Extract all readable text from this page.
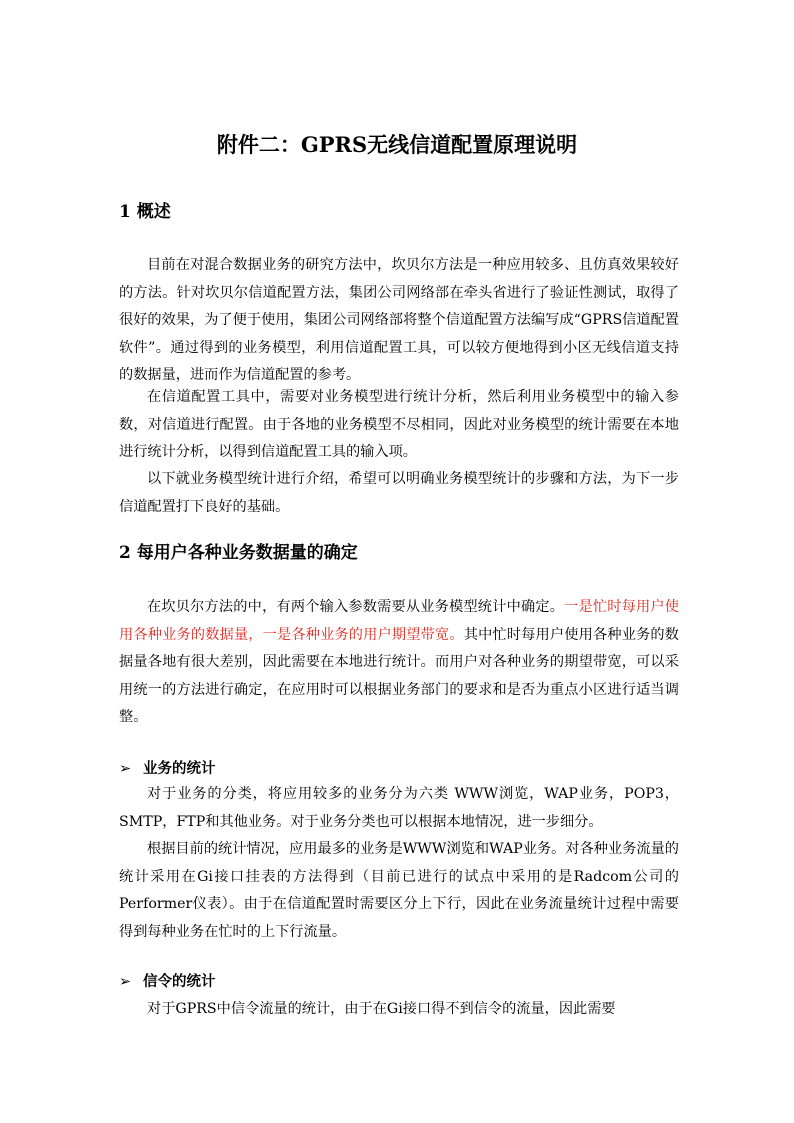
附件二：GPRS无线信道配置原理说明
1 概述

目前在对混合数据业务的研究方法中，坎贝尔方法是一种应用较多、且仿真效果较好的方法。针对坎贝尔信道配置方法，集团公司网络部在牵头省进行了验证性测试，取得了很好的效果，为了便于使用，集团公司网络部将整个信道配置方法编写成“GPRS信道配置软件”。通过得到的业务模型，利用信道配置工具，可以较方便地得到小区无线信道支持的数据量，进而作为信道配置的参考。

在信道配置工具中，需要对业务模型进行统计分析，然后利用业务模型中的输入参数，对信道进行配置。由于各地的业务模型不尽相同，因此对业务模型的统计需要在本地进行统计分析，以得到信道配置工具的输入项。

以下就业务模型统计进行介绍，希望可以明确业务模型统计的步骤和方法，为下一步信道配置打下良好的基础。

2 每用户各种业务数据量的确定

在坎贝尔方法的中，有两个输入参数需要从业务模型统计中确定。一是忙时每用户使用各种业务的数据量，一是各种业务的用户期望带宽。其中忙时每用户使用各种业务的数据量各地有很大差别，因此需要在本地进行统计。而用户对各种业务的期望带宽，可以采用统一的方法进行确定，在应用时可以根据业务部门的要求和是否为重点小区进行适当调整。

➢ 业务的统计

对于业务的分类，将应用较多的业务分为六类 WWW浏览，WAP业务，POP3，SMTP，FTP和其他业务。对于业务分类也可以根据本地情况，进一步细分。

根据目前的统计情况，应用最多的业务是WWW浏览和WAP业务。对各种业务流量的统计采用在Gi接口挂表的方法得到（目前已进行的试点中采用的是Radcom公司的Performer仪表）。由于在信道配置时需要区分上下行，因此在业务流量统计过程中需要得到每种业务在忙时的上下行流量。

➢ 信令的统计

对于GPRS中信令流量的统计，由于在Gi接口得不到信令的流量，因此需要
